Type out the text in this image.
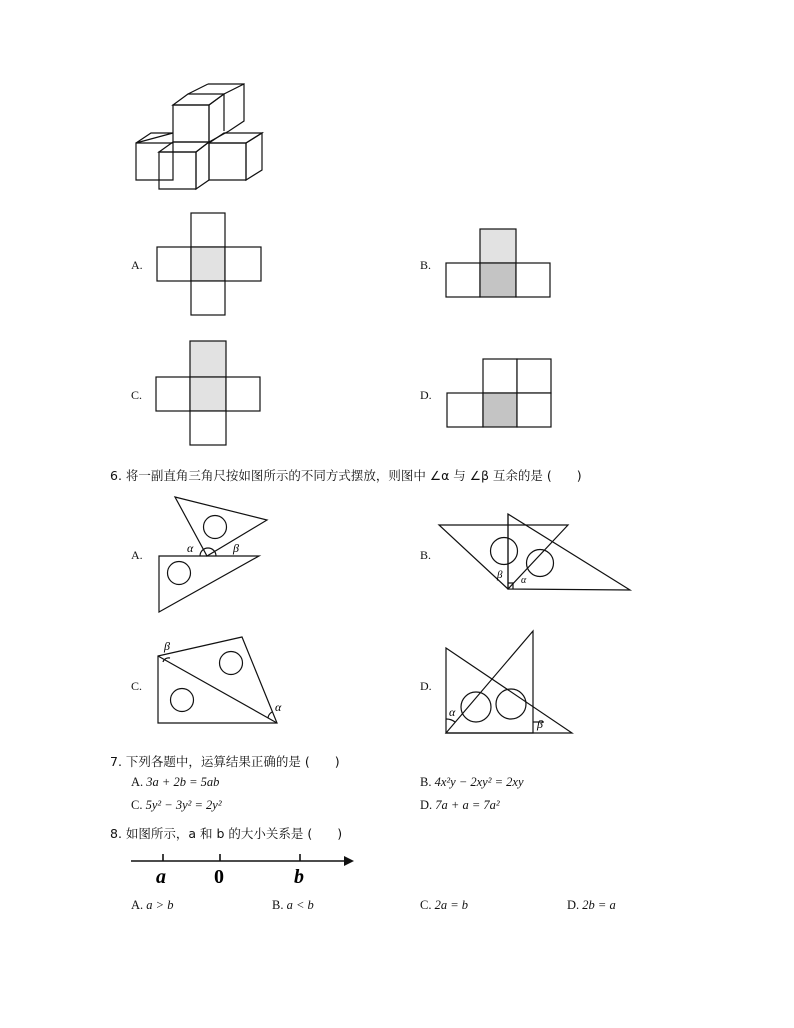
A.	B.
C.	D.
6. 将一副直角三角尺按如图所示的不同方式摆放，则图中 ∠α 与 ∠β 互余的是 (　　)
A.	α	β
β α
β
α	α
β
B.
C.	D.
7. 下列各题中，运算结果正确的是 (　　)
A. 3a + 2b = 5ab	B. 4x²y − 2xy² = 2xy
C. 5y² − 3y² = 2y²	D. 7a + a = 7a²
8. 如图所示，a 和 b 的大小关系是 (　　)
a 0	b
A. a > b	B. a < b	C. 2a = b	D. 2b = a
